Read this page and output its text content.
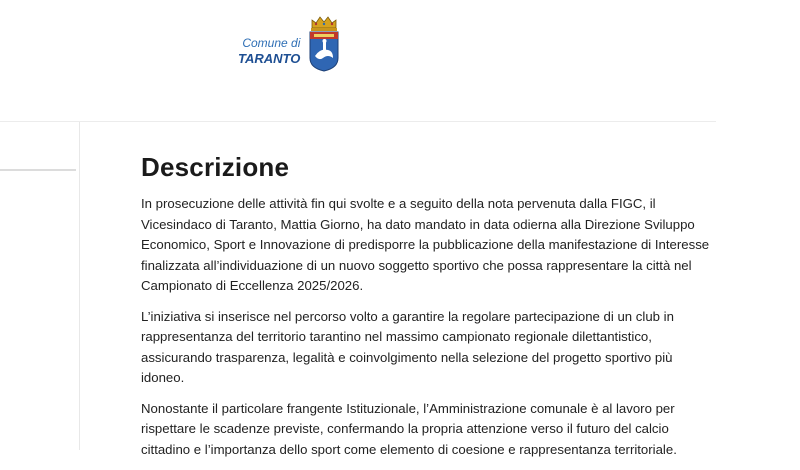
Comune di
TARANTO
Descrizione

In prosecuzione delle attività fin qui svolte e a seguito della nota pervenuta dalla FIGC, il Vicesindaco di Taranto, Mattia Giorno, ha dato mandato in data odierna alla Direzione Sviluppo Economico, Sport e Innovazione di predisporre la pubblicazione della manifestazione di Interesse finalizzata all’individuazione di un nuovo soggetto sportivo che possa rappresentare la città nel Campionato di Eccellenza 2025/2026.

L’iniziativa si inserisce nel percorso volto a garantire la regolare partecipazione di un club in rappresentanza del territorio tarantino nel massimo campionato regionale dilettantistico, assicurando trasparenza, legalità e coinvolgimento nella selezione del progetto sportivo più idoneo.

Nonostante il particolare frangente Istituzionale, l’Amministrazione comunale è al lavoro per rispettare le scadenze previste, confermando la propria attenzione verso il futuro del calcio cittadino e l’importanza dello sport come elemento di coesione e rappresentanza territoriale.
